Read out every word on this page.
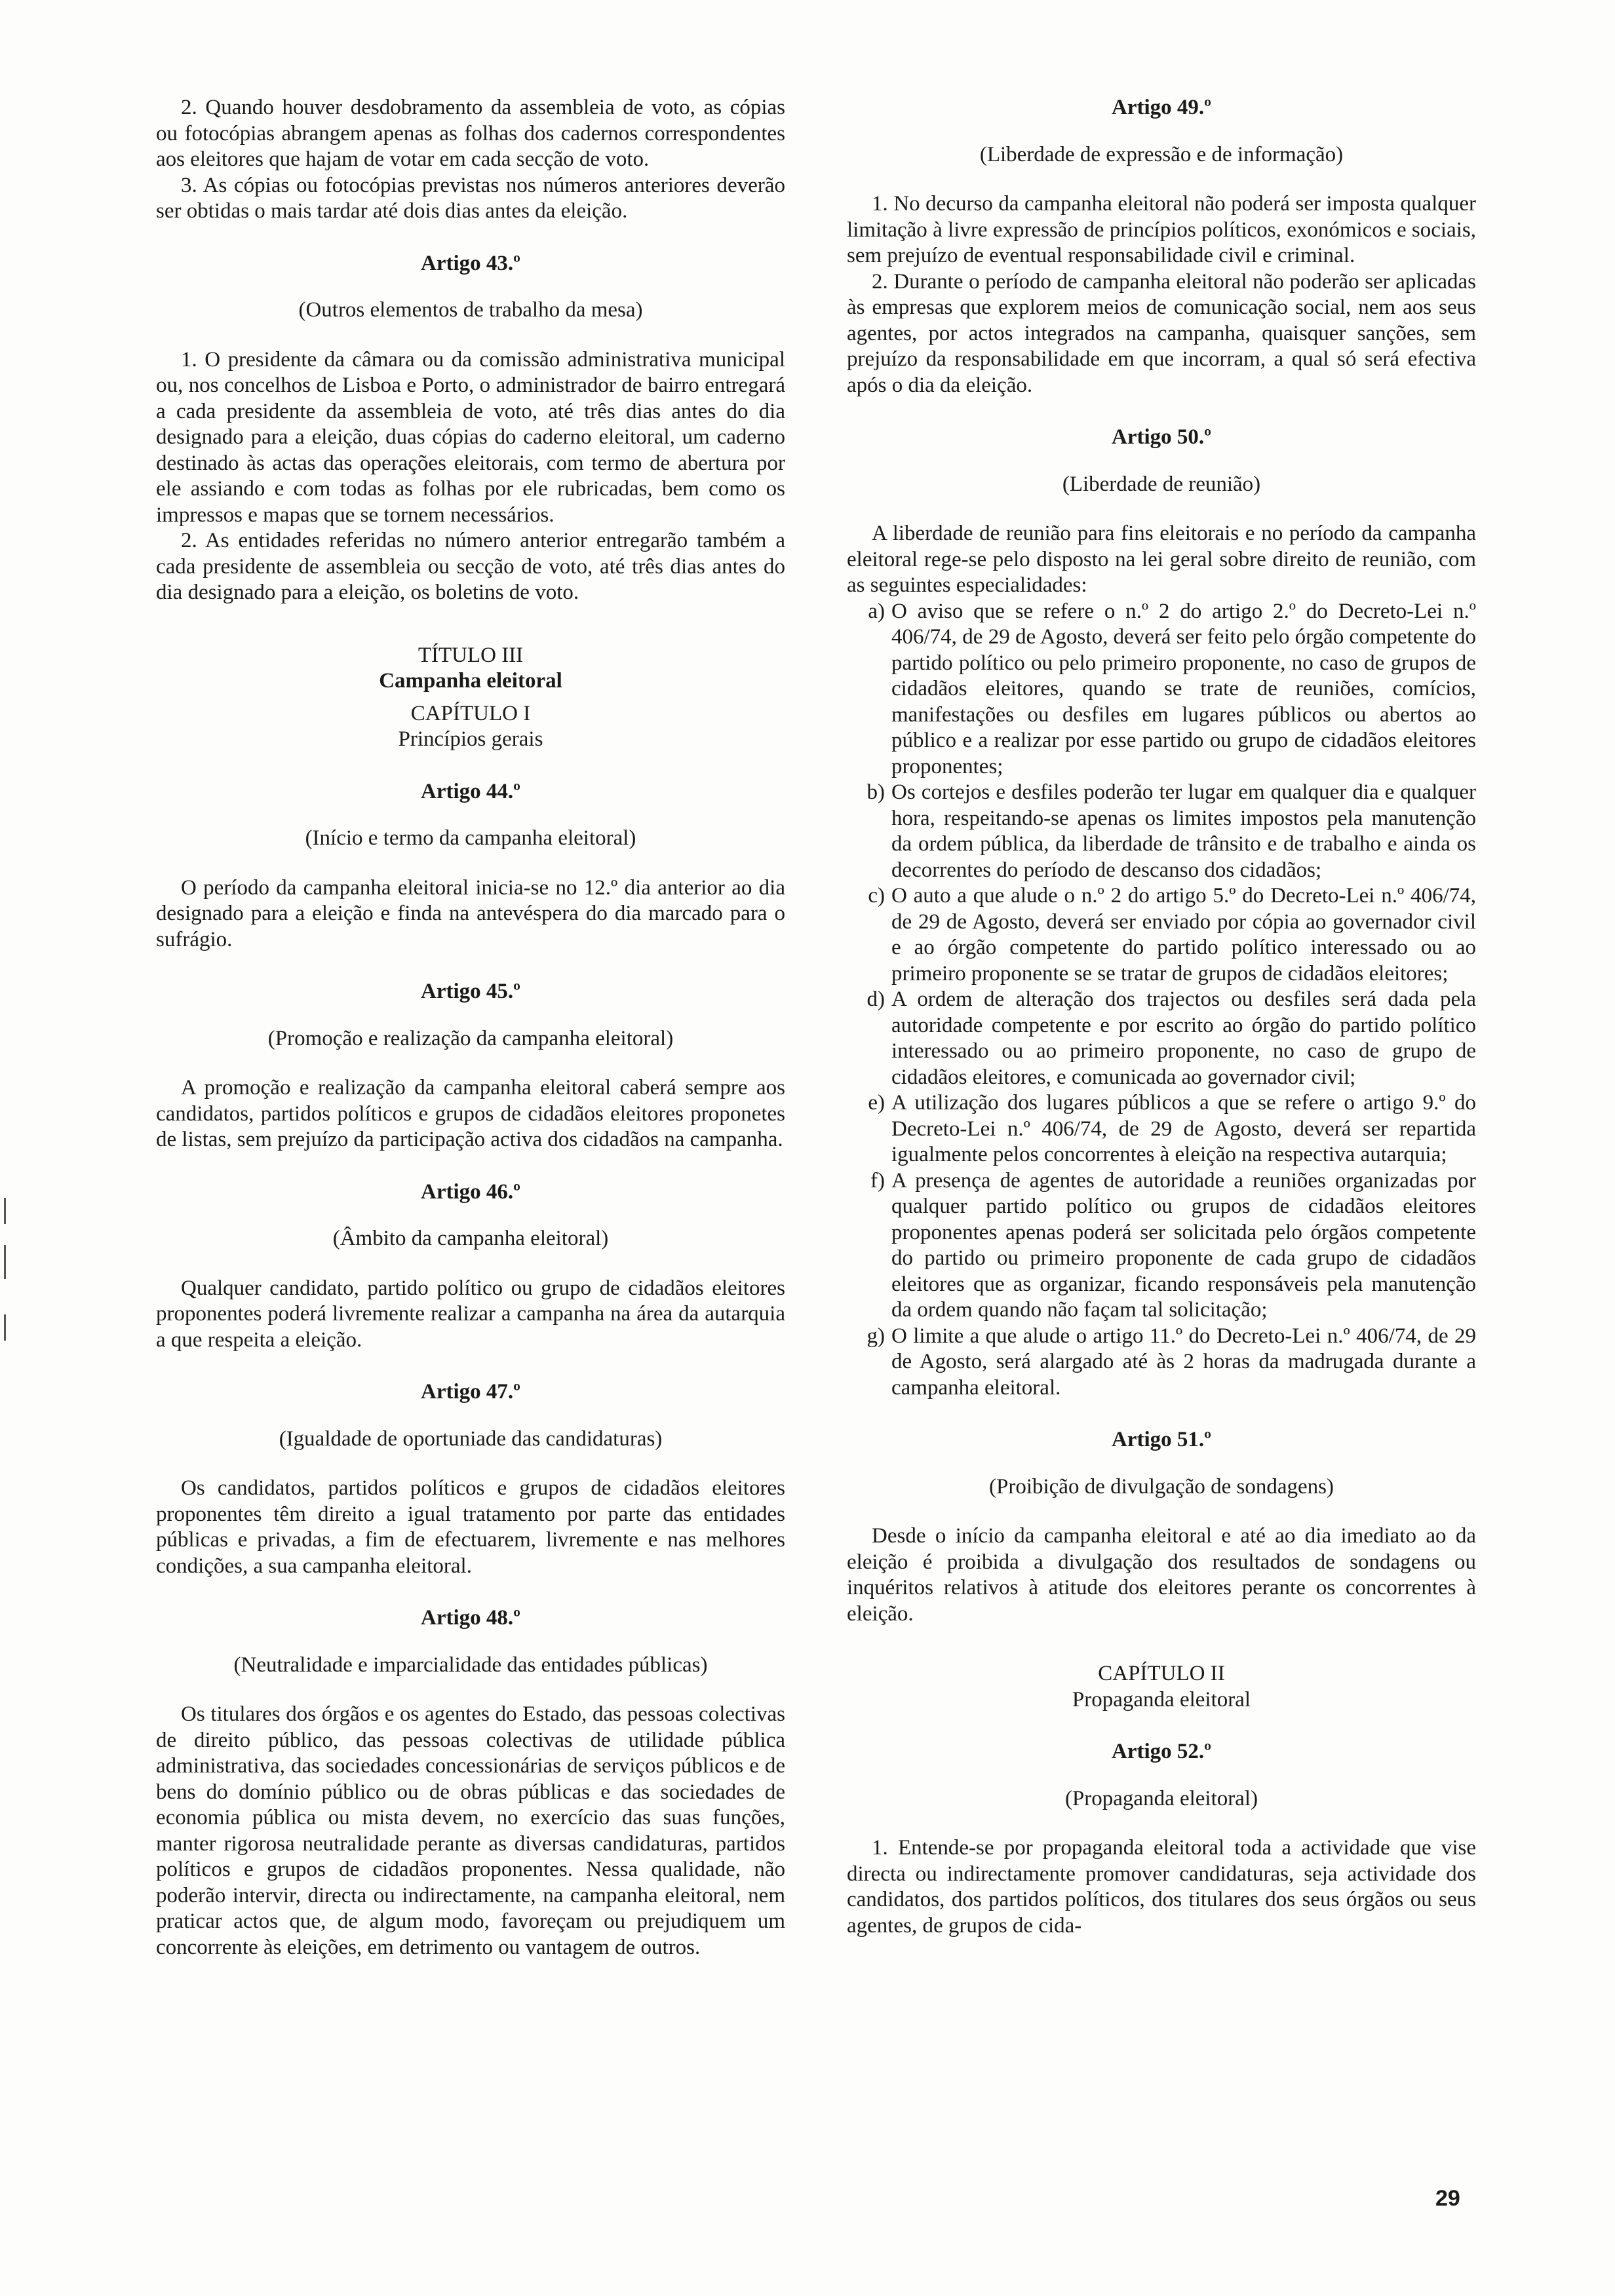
2. Quando houver desdobramento da assembleia de voto, as cópias ou fotocópias abrangem apenas as folhas dos cadernos correspondentes aos eleitores que hajam de votar em cada secção de voto.

3. As cópias ou fotocópias previstas nos números anteriores deverão ser obtidas o mais tardar até dois dias antes da eleição.

Artigo 43.º
(Outros elementos de trabalho da mesa)

1. O presidente da câmara ou da comissão administrativa municipal ou, nos concelhos de Lisboa e Porto, o administrador de bairro entregará a cada presidente da assembleia de voto, até três dias antes do dia designado para a eleição, duas cópias do caderno eleitoral, um caderno destinado às actas das operações eleitorais, com termo de abertura por ele assiando e com todas as folhas por ele rubricadas, bem como os impressos e mapas que se tornem necessários.

2. As entidades referidas no número anterior entregarão também a cada presidente de assembleia ou secção de voto, até três dias antes do dia designado para a eleição, os boletins de voto.

TÍTULO III
Campanha eleitoral
CAPÍTULO I
Princípios gerais
Artigo 44.º
(Início e termo da campanha eleitoral)

O período da campanha eleitoral inicia-se no 12.º dia anterior ao dia designado para a eleição e finda na antevéspera do dia marcado para o sufrágio.

Artigo 45.º
(Promoção e realização da campanha eleitoral)

A promoção e realização da campanha eleitoral caberá sempre aos candidatos, partidos políticos e grupos de cidadãos eleitores proponetes de listas, sem prejuízo da participação activa dos cidadãos na campanha.

Artigo 46.º
(Âmbito da campanha eleitoral)

Qualquer candidato, partido político ou grupo de cidadãos eleitores proponentes poderá livremente realizar a campanha na área da autarquia a que respeita a eleição.

Artigo 47.º
(Igualdade de oportuniade das candidaturas)

Os candidatos, partidos políticos e grupos de cidadãos eleitores proponentes têm direito a igual tratamento por parte das entidades públicas e privadas, a fim de efectuarem, livremente e nas melhores condições, a sua campanha eleitoral.

Artigo 48.º
(Neutralidade e imparcialidade das entidades públicas)

Os titulares dos órgãos e os agentes do Estado, das pessoas colectivas de direito público, das pessoas colectivas de utilidade pública administrativa, das sociedades concessionárias de serviços públicos e de bens do domínio público ou de obras públicas e das sociedades de economia pública ou mista devem, no exercício das suas funções, manter rigorosa neutralidade perante as diversas candidaturas, partidos políticos e grupos de cidadãos proponentes. Nessa qualidade, não poderão intervir, directa ou indirectamente, na campanha eleitoral, nem praticar actos que, de algum modo, favoreçam ou prejudiquem um concorrente às eleições, em detrimento ou vantagem de outros.

Artigo 49.º
(Liberdade de expressão e de informação)

1. No decurso da campanha eleitoral não poderá ser imposta qualquer limitação à livre expressão de princípios políticos, exonómicos e sociais, sem prejuízo de eventual responsabilidade civil e criminal.

2. Durante o período de campanha eleitoral não poderão ser aplicadas às empresas que explorem meios de comunicação social, nem aos seus agentes, por actos integrados na campanha, quaisquer sanções, sem prejuízo da responsabilidade em que incorram, a qual só será efectiva após o dia da eleição.

Artigo 50.º
(Liberdade de reunião)

A liberdade de reunião para fins eleitorais e no período da campanha eleitoral rege-se pelo disposto na lei geral sobre direito de reunião, com as seguintes especialidades:

a) O aviso que se refere o n.º 2 do artigo 2.º do Decreto-Lei n.º 406/74, de 29 de Agosto, deverá ser feito pelo órgão competente do partido político ou pelo primeiro proponente, no caso de grupos de cidadãos eleitores, quando se trate de reuniões, comícios, manifestações ou desfiles em lugares públicos ou abertos ao público e a realizar por esse partido ou grupo de cidadãos eleitores proponentes;
b) Os cortejos e desfiles poderão ter lugar em qualquer dia e qualquer hora, respeitando-se apenas os limites impostos pela manutenção da ordem pública, da liberdade de trânsito e de trabalho e ainda os decorrentes do período de descanso dos cidadãos;
c) O auto a que alude o n.º 2 do artigo 5.º do Decreto-Lei n.º 406/74, de 29 de Agosto, deverá ser enviado por cópia ao governador civil e ao órgão competente do partido político interessado ou ao primeiro proponente se se tratar de grupos de cidadãos eleitores;
d) A ordem de alteração dos trajectos ou desfiles será dada pela autoridade competente e por escrito ao órgão do partido político interessado ou ao primeiro proponente, no caso de grupo de cidadãos eleitores, e comunicada ao governador civil;
e) A utilização dos lugares públicos a que se refere o artigo 9.º do Decreto-Lei n.º 406/74, de 29 de Agosto, deverá ser repartida igualmente pelos concorrentes à eleição na respectiva autarquia;
f) A presença de agentes de autoridade a reuniões organizadas por qualquer partido político ou grupos de cidadãos eleitores proponentes apenas poderá ser solicitada pelo órgãos competente do partido ou primeiro proponente de cada grupo de cidadãos eleitores que as organizar, ficando responsáveis pela manutenção da ordem quando não façam tal solicitação;
g) O limite a que alude o artigo 11.º do Decreto-Lei n.º 406/74, de 29 de Agosto, será alargado até às 2 horas da madrugada durante a campanha eleitoral.
Artigo 51.º
(Proibição de divulgação de sondagens)

Desde o início da campanha eleitoral e até ao dia imediato ao da eleição é proibida a divulgação dos resultados de sondagens ou inquéritos relativos à atitude dos eleitores perante os concorrentes à eleição.

CAPÍTULO II
Propaganda eleitoral
Artigo 52.º
(Propaganda eleitoral)

1. Entende-se por propaganda eleitoral toda a actividade que vise directa ou indirectamente promover candidaturas, seja actividade dos candidatos, dos partidos políticos, dos titulares dos seus órgãos ou seus agentes, de grupos de cida-

29
